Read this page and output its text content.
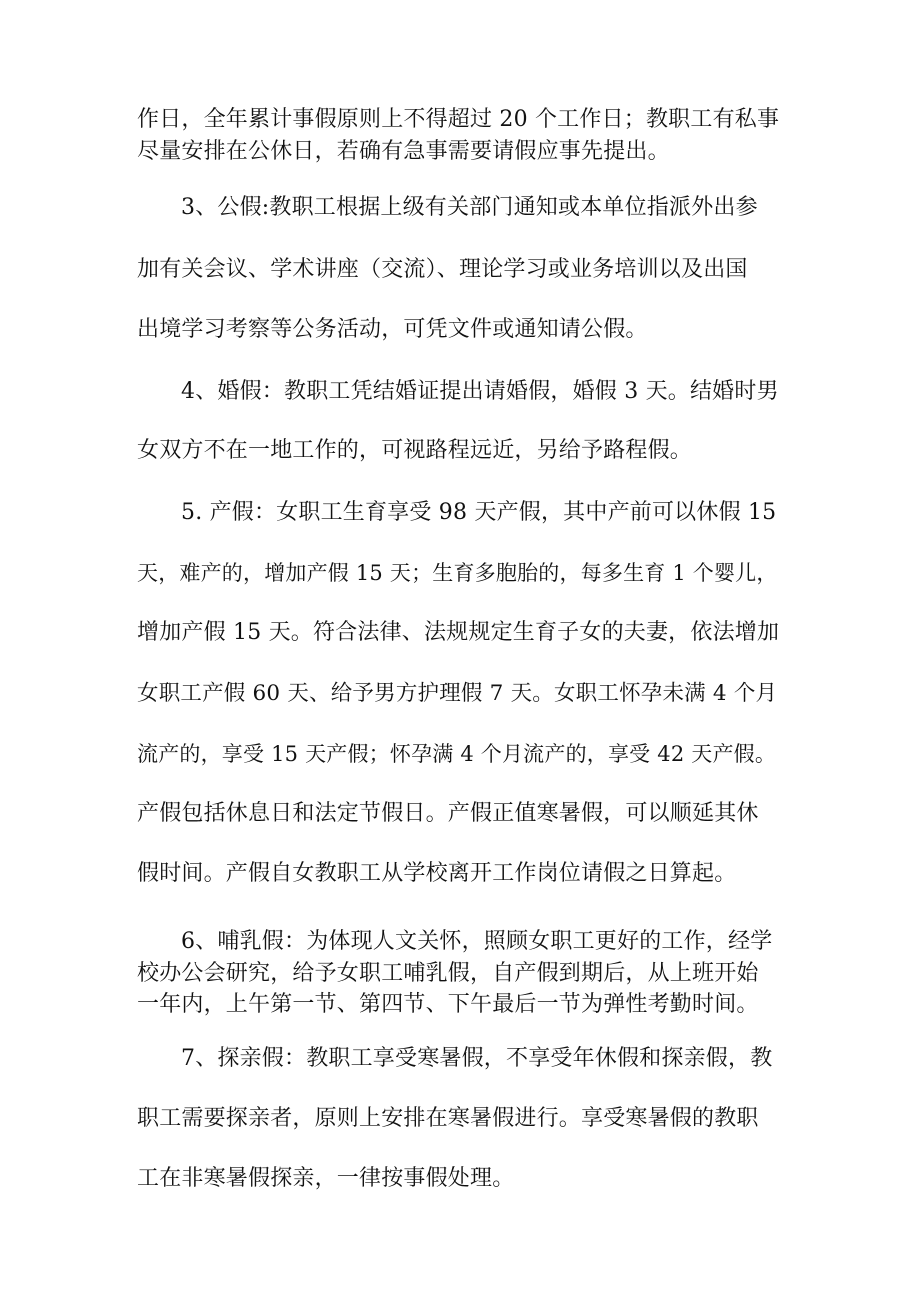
作日，全年累计事假原则上不得超过 20 个工作日；教职工有私事
尽量安排在公休日，若确有急事需要请假应事先提出。
3、公假:教职工根据上级有关部门通知或本单位指派外出参
加有关会议、学术讲座（交流）、理论学习或业务培训以及出国
出境学习考察等公务活动，可凭文件或通知请公假。
4、婚假：教职工凭结婚证提出请婚假，婚假 3 天。结婚时男
女双方不在一地工作的，可视路程远近，另给予路程假。
5. 产假：女职工生育享受 98 天产假，其中产前可以休假 15
天，难产的，增加产假 15 天；生育多胞胎的，每多生育 1 个婴儿，
增加产假 15 天。符合法律、法规规定生育子女的夫妻，依法增加
女职工产假 60 天、给予男方护理假 7 天。女职工怀孕未满 4 个月
流产的，享受 15 天产假；怀孕满 4 个月流产的，享受 42 天产假。
产假包括休息日和法定节假日。产假正值寒暑假，可以顺延其休
假时间。产假自女教职工从学校离开工作岗位请假之日算起。
6、哺乳假：为体现人文关怀，照顾女职工更好的工作，经学
校办公会研究，给予女职工哺乳假，自产假到期后，从上班开始
一年内，上午第一节、第四节、下午最后一节为弹性考勤时间。
7、探亲假：教职工享受寒暑假，不享受年休假和探亲假，教
职工需要探亲者，原则上安排在寒暑假进行。享受寒暑假的教职
工在非寒暑假探亲，一律按事假处理。
